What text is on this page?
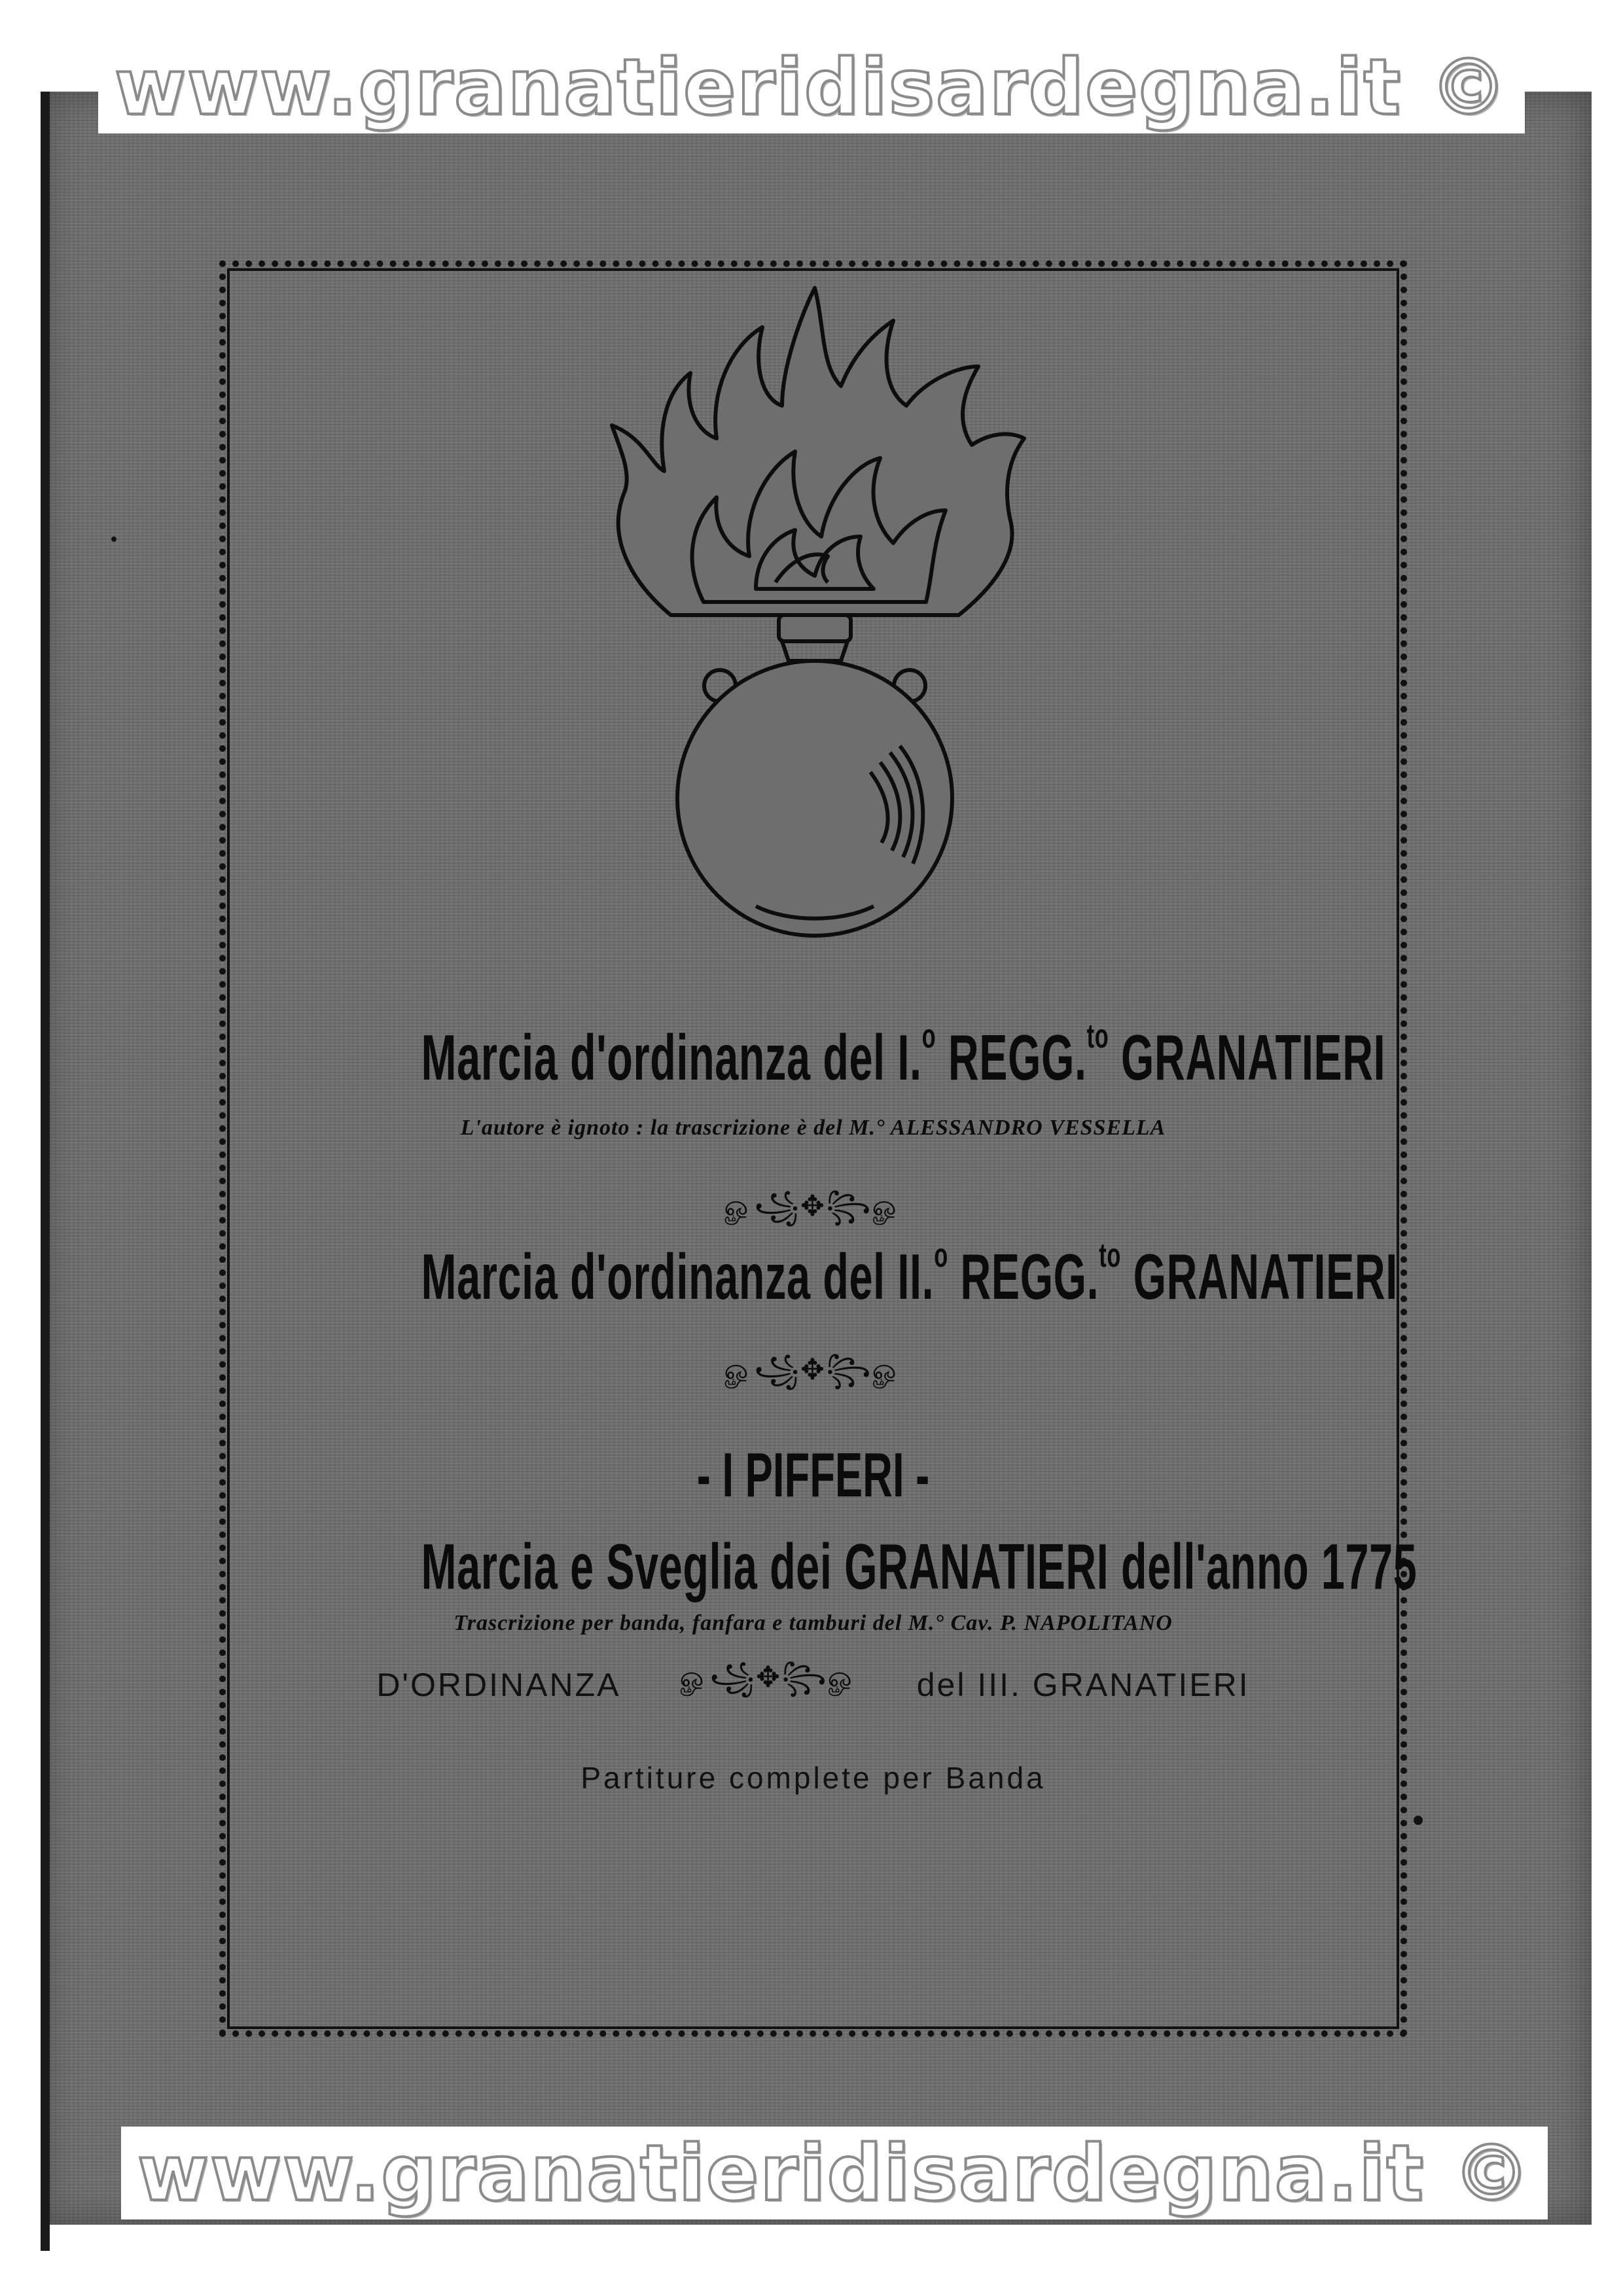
www.granatieridisardegna.it ©
Marcia d'ordinanza del I.$^o$ REGG.$^{to}$ GRANATIERI
L'autore è ignoto : la trascrizione è del M.° ALESSANDRO VESSELLA
ௐ꧁✥꧂ௐ
Marcia d'ordinanza del II.$^o$ REGG.$^{to}$ GRANATIERI
ௐ꧁✥꧂ௐ
- I PIFFERI -
Marcia e Sveglia dei GRANATIERI dell'anno 1775
Trascrizione per banda, fanfara e tamburi del M.° Cav. P. NAPOLITANO
D'ORDINANZA ௐ꧁✥꧂ௐ del III. GRANATIERI
Partiture complete per Banda
www.granatieridisardegna.it ©
